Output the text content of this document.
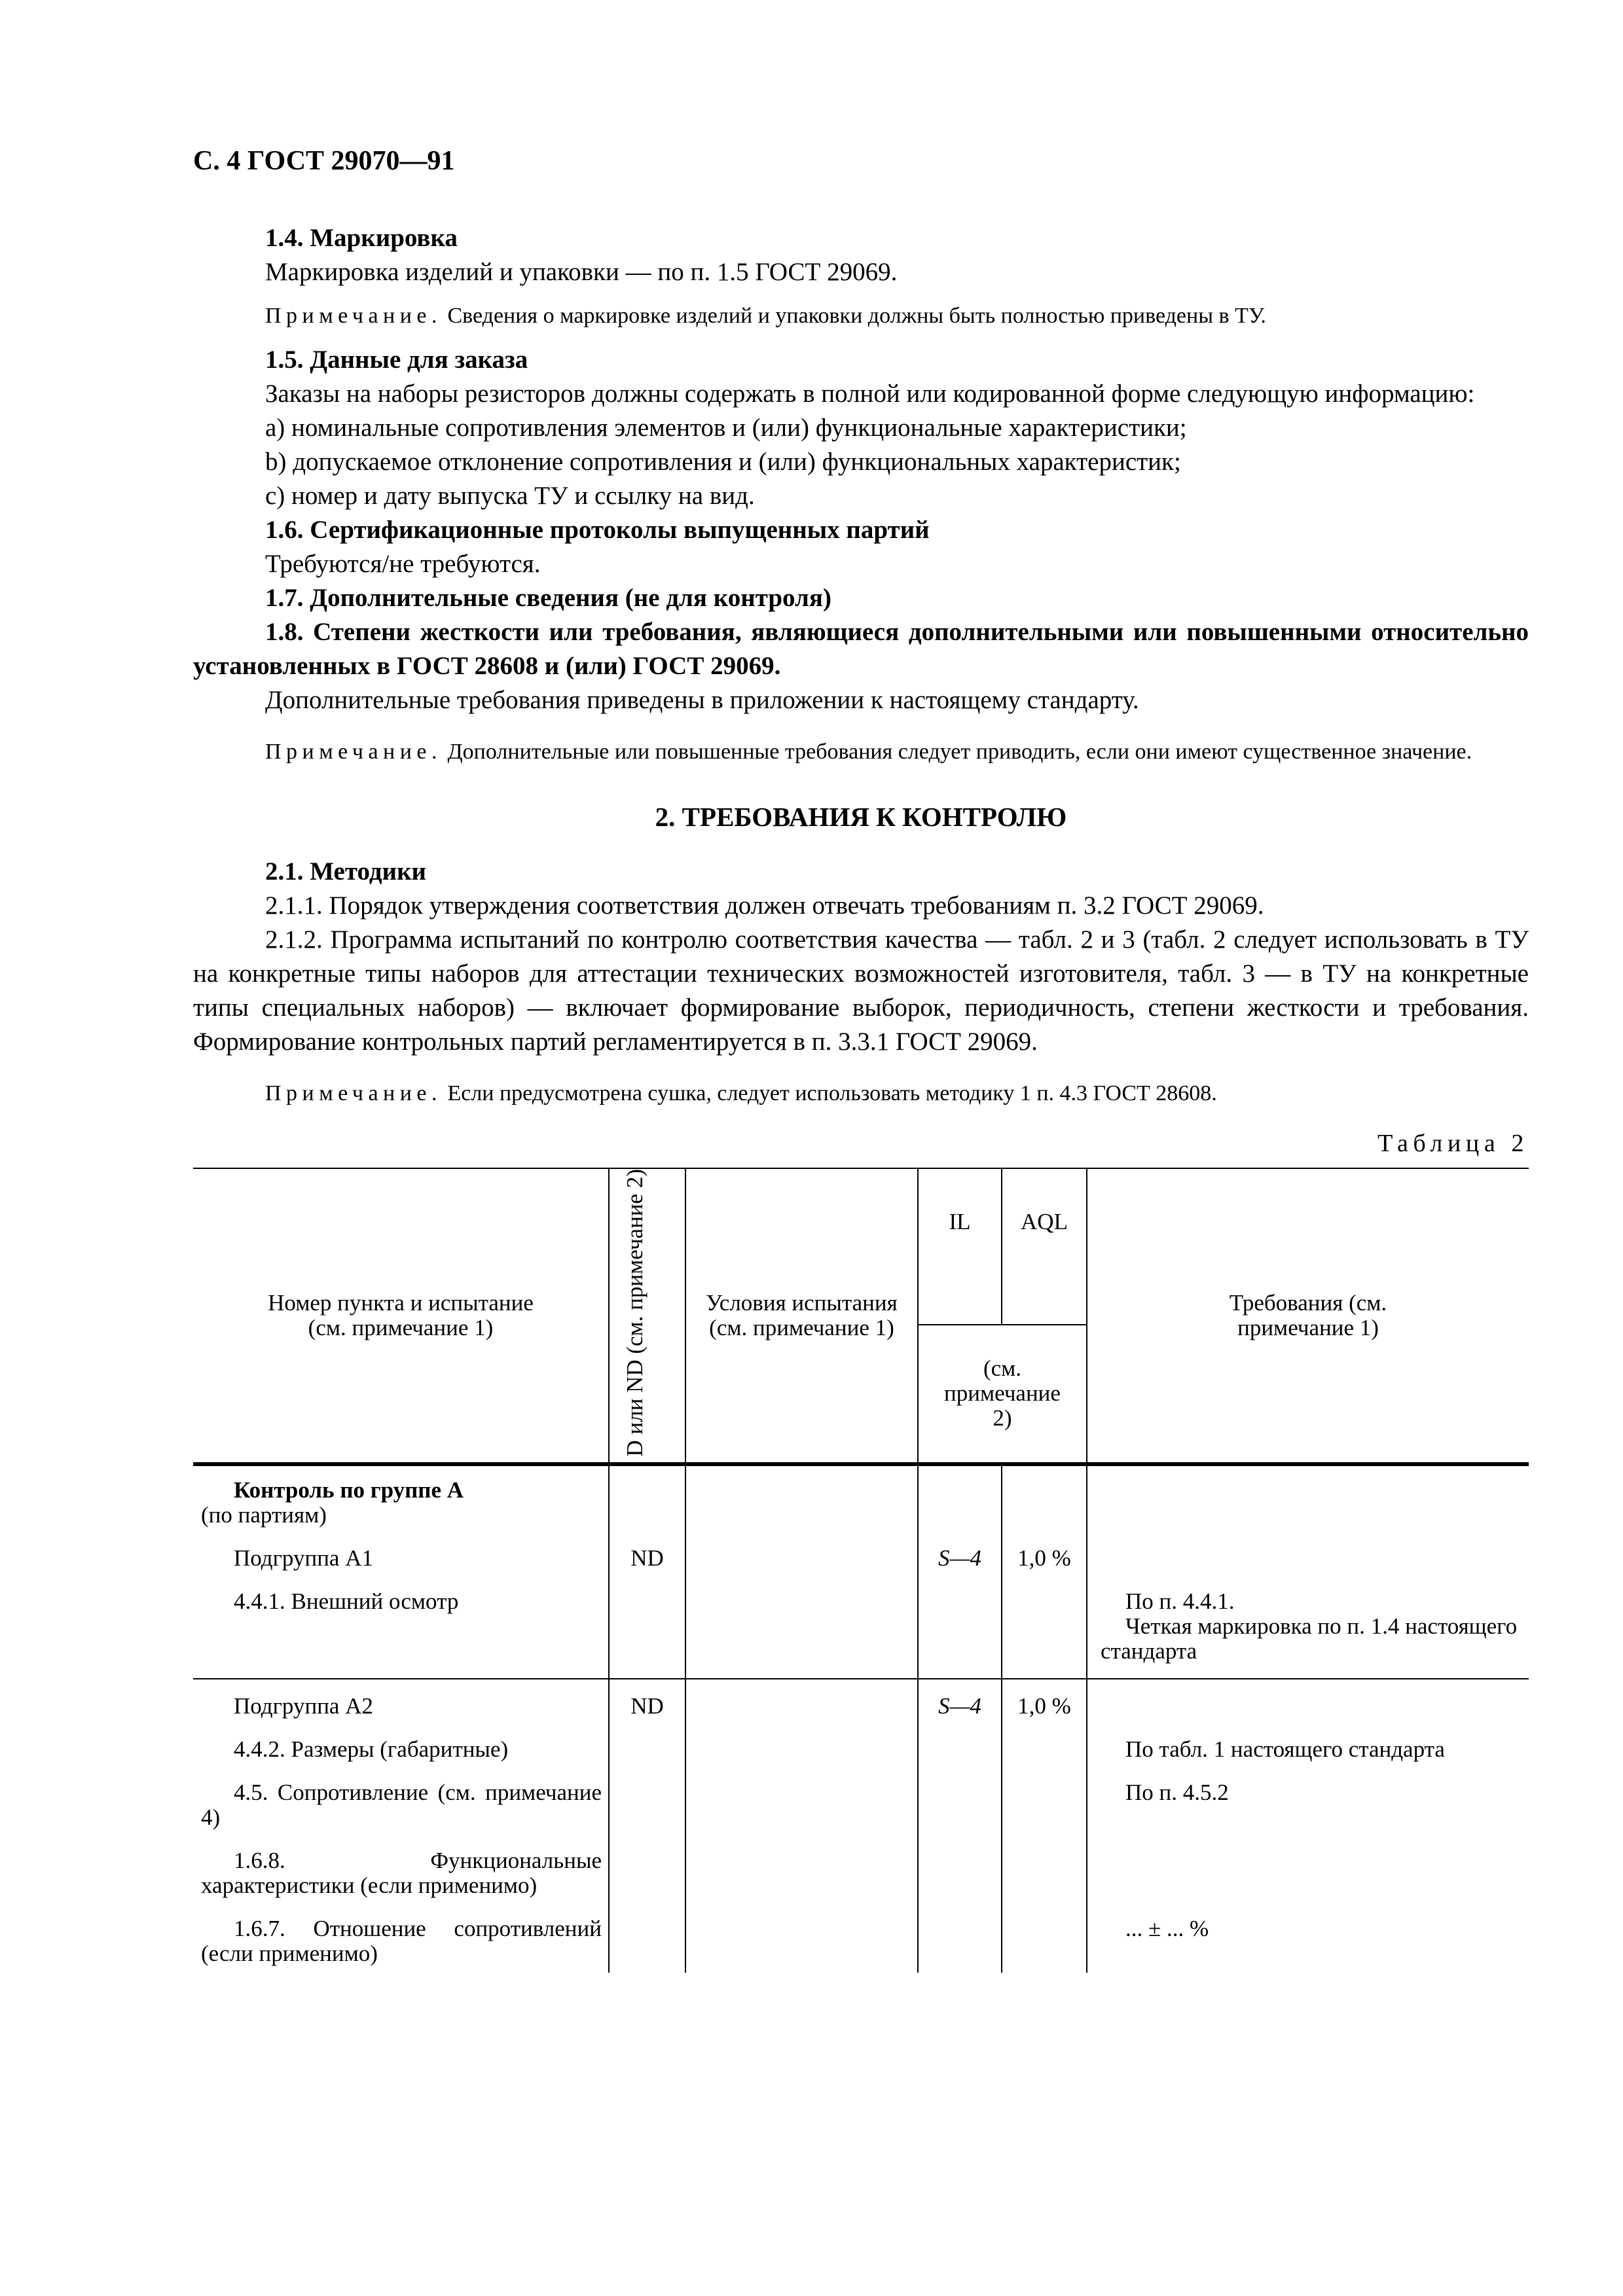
С. 4 ГОСТ 29070—91

1.4. Маркировка

Маркировка изделий и упаковки — по п. 1.5 ГОСТ 29069.

Примечание. Сведения о маркировке изделий и упаковки должны быть полностью приведены в ТУ.

1.5. Данные для заказа

Заказы на наборы резисторов должны содержать в полной или кодированной форме следующую информацию:

а) номинальные сопротивления элементов и (или) функциональные характеристики;

b) допускаемое отклонение сопротивления и (или) функциональных характеристик;

с) номер и дату выпуска ТУ и ссылку на вид.

1.6. Сертификационные протоколы выпущенных партий

Требуются/не требуются.

1.7. Дополнительные сведения (не для контроля)

1.8. Степени жесткости или требования, являющиеся дополнительными или повышенными относительно установленных в ГОСТ 28608 и (или) ГОСТ 29069.

Дополнительные требования приведены в приложении к настоящему стандарту.

Примечание. Дополнительные или повышенные требования следует приводить, если они имеют существенное значение.

2. ТРЕБОВАНИЯ К КОНТРОЛЮ

2.1. Методики

2.1.1. Порядок утверждения соответствия должен отвечать требованиям п. 3.2 ГОСТ 29069.

2.1.2. Программа испытаний по контролю соответствия качества — табл. 2 и 3 (табл. 2 следует использовать в ТУ на конкретные типы наборов для аттестации технических возможностей изготовителя, табл. 3 — в ТУ на конкретные типы специальных наборов) — включает формирование выборок, периодичность, степени жесткости и требования. Формирование контрольных партий регламентируется в п. 3.3.1 ГОСТ 29069.

Примечание. Если предусмотрена сушка, следует использовать методику 1 п. 4.3 ГОСТ 28608.

Таблица 2

Номер пункта и испытание (см. примечание 1)	D или ND (см. примечание 2)	Условия испытания (см. примечание 1)	IL	AQL	Требования (см. примечание 1)

			(см. примечание 2)		

Контроль по группе А
(по партиям)					

Подгруппа А1	ND		S—4	1,0 %	
4.4.1. Внешний осмотр					По п. 4.4.1.
Четкая маркировка по п. 1.4 настоящего стандарта

Подгруппа А2	ND		S—4	1,0 %	
4.4.2. Размеры (габаритные)					По табл. 1 настоящего стандарта
4.5. Сопротивление (см. примечание 4)					По п. 4.5.2
1.6.8. Функциональные характеристики (если применимо)					
1.6.7. Отношение сопротивлений (если применимо)					... ± ... %
